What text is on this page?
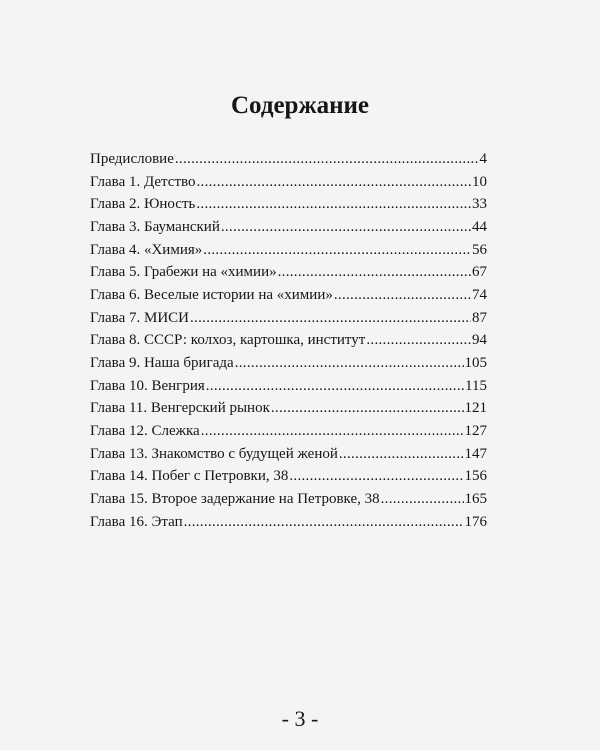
Содержание
Предисловие .....	4
Глава 1. Детство .....	10
Глава 2. Юность .....	33
Глава 3. Бауманский .....	44
Глава 4. «Химия» .....	56
Глава 5. Грабежи на «химии» .....	67
Глава 6. Веселые истории на «химии» .....	74
Глава 7. МИСИ .....	87
Глава 8. СССР: колхоз, картошка, институт .....	94
Глава 9. Наша бригада .....	105
Глава 10. Венгрия .....	115
Глава 11. Венгерский рынок .....	121
Глава 12. Слежка .....	127
Глава 13. Знакомство с будущей женой .....	147
Глава 14. Побег с Петровки, 38 .....	156
Глава 15. Второе задержание на Петровке, 38 .....	165
Глава 16. Этап .....	176
- 3 -
